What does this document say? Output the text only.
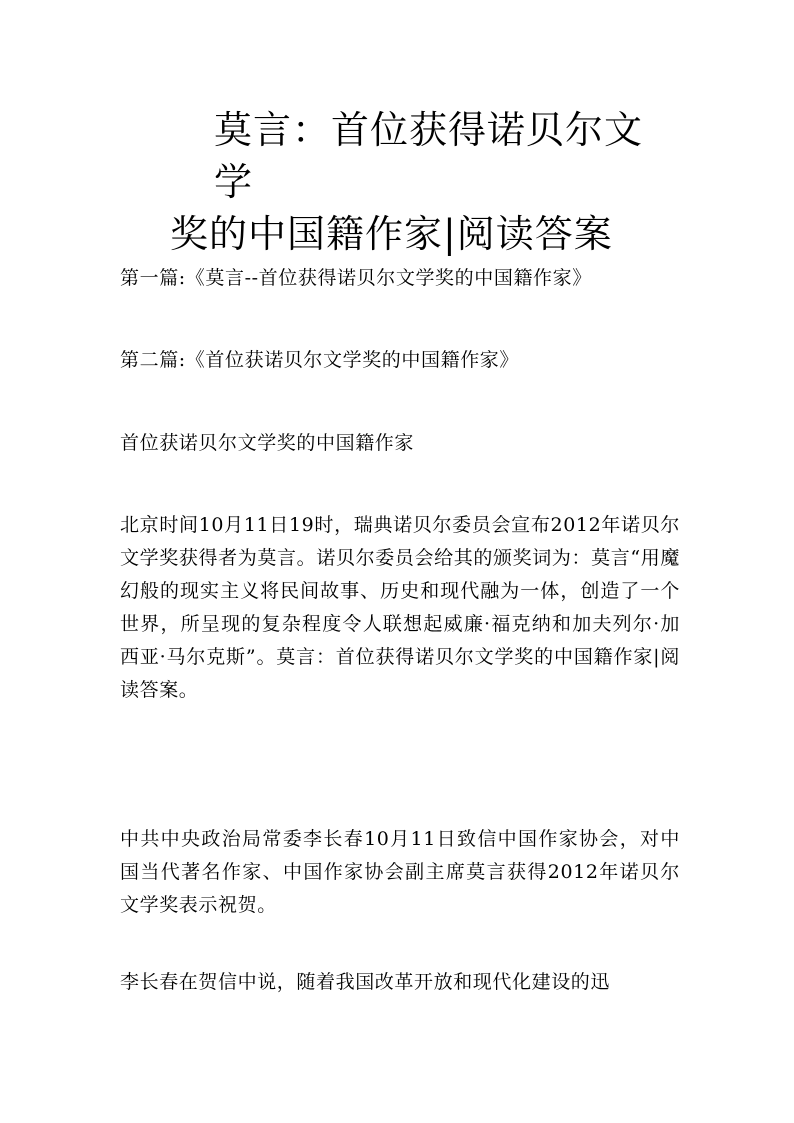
莫言：首位获得诺贝尔文学
奖的中国籍作家|阅读答案

第一篇:《莫言--首位获得诺贝尔文学奖的中国籍作家》

第二篇:《首位获诺贝尔文学奖的中国籍作家》

首位获诺贝尔文学奖的中国籍作家

北京时间10月11日19时，瑞典诺贝尔委员会宣布2012年诺贝尔文学奖获得者为莫言。诺贝尔委员会给其的颁奖词为：莫言“用魔幻般的现实主义将民间故事、历史和现代融为一体，创造了一个世界，所呈现的复杂程度令人联想起威廉·福克纳和加夫列尔·加西亚·马尔克斯”。莫言：首位获得诺贝尔文学奖的中国籍作家|阅读答案。

中共中央政治局常委李长春10月11日致信中国作家协会，对中国当代著名作家、中国作家协会副主席莫言获得2012年诺贝尔文学奖表示祝贺。

李长春在贺信中说，随着我国改革开放和现代化建设的迅
